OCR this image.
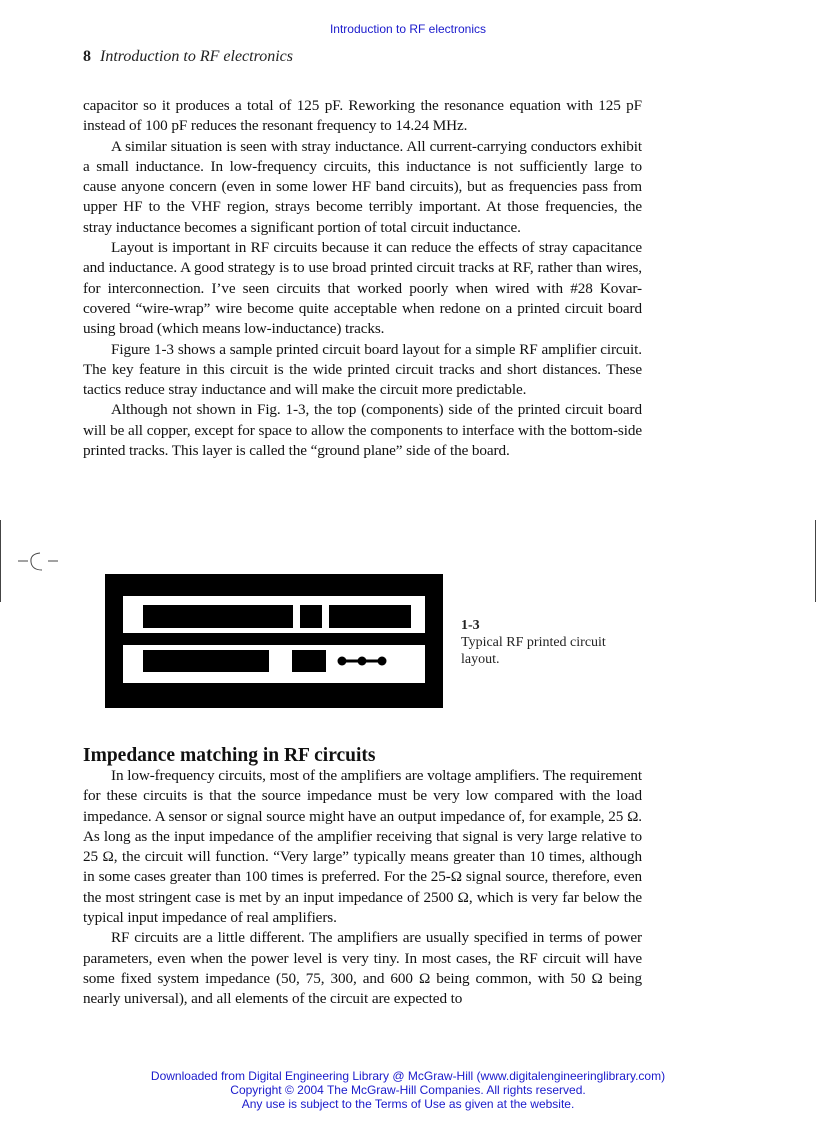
Introduction to RF electronics
8 Introduction to RF electronics

capacitor so it produces a total of 125 pF. Reworking the resonance equation with 125 pF instead of 100 pF reduces the resonant frequency to 14.24 MHz.

A similar situation is seen with stray inductance. All current-carrying conductors exhibit a small inductance. In low-frequency circuits, this inductance is not sufficiently large to cause anyone concern (even in some lower HF band circuits), but as frequencies pass from upper HF to the VHF region, strays become terribly important. At those frequencies, the stray inductance becomes a significant portion of total circuit inductance.

Layout is important in RF circuits because it can reduce the effects of stray capacitance and inductance. A good strategy is to use broad printed circuit tracks at RF, rather than wires, for interconnection. I’ve seen circuits that worked poorly when wired with #28 Kovar-covered “wire-wrap” wire become quite acceptable when redone on a printed circuit board using broad (which means low-inductance) tracks.

Figure 1-3 shows a sample printed circuit board layout for a simple RF amplifier circuit. The key feature in this circuit is the wide printed circuit tracks and short distances. These tactics reduce stray inductance and will make the circuit more predictable.

Although not shown in Fig. 1-3, the top (components) side of the printed circuit board will be all copper, except for space to allow the components to interface with the bottom-side printed tracks. This layer is called the “ground plane” side of the board.

1-3
Typical RF printed circuit layout.
Impedance matching in RF circuits

In low-frequency circuits, most of the amplifiers are voltage amplifiers. The requirement for these circuits is that the source impedance must be very low compared with the load impedance. A sensor or signal source might have an output impedance of, for example, 25 Ω. As long as the input impedance of the amplifier receiving that signal is very large relative to 25 Ω, the circuit will function. “Very large” typically means greater than 10 times, although in some cases greater than 100 times is preferred. For the 25-Ω signal source, therefore, even the most stringent case is met by an input impedance of 2500 Ω, which is very far below the typical input impedance of real amplifiers.

RF circuits are a little different. The amplifiers are usually specified in terms of power parameters, even when the power level is very tiny. In most cases, the RF circuit will have some fixed system impedance (50, 75, 300, and 600 Ω being common, with 50 Ω being nearly universal), and all elements of the circuit are expected to

Downloaded from Digital Engineering Library @ McGraw-Hill (www.digitalengineeringlibrary.com)
Copyright © 2004 The McGraw-Hill Companies. All rights reserved.
Any use is subject to the Terms of Use as given at the website.
